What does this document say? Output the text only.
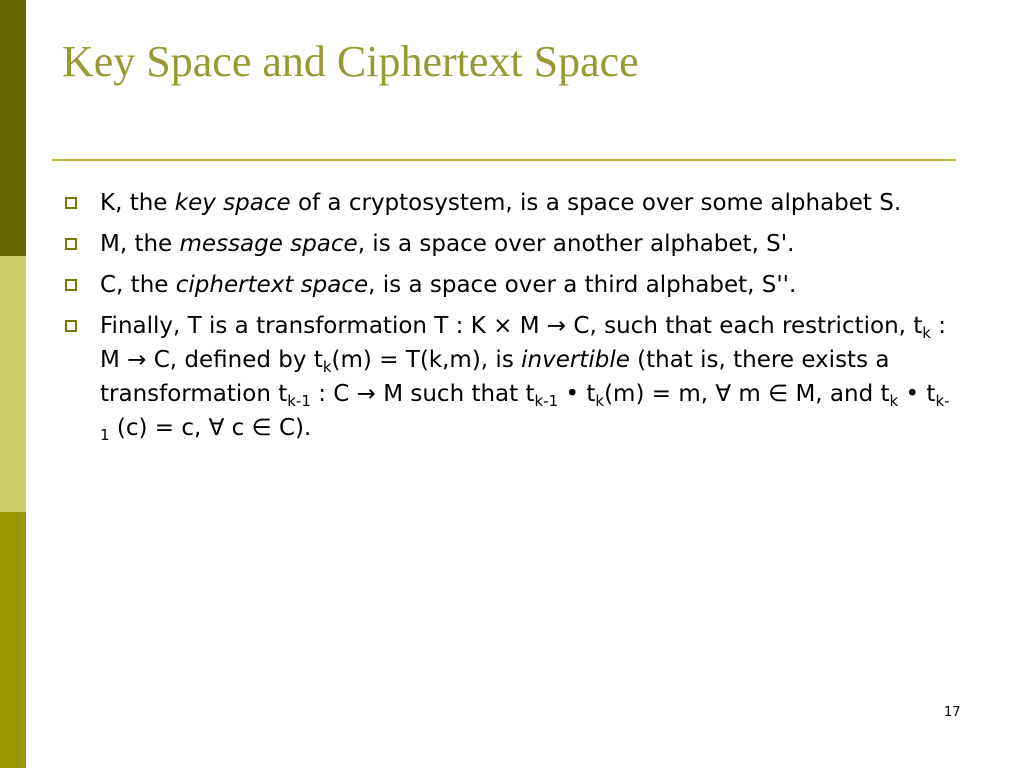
Key Space and Ciphertext Space
K, the key space of a cryptosystem, is a space over some alphabet S.
M, the message space, is a space over another alphabet, S'.
C, the ciphertext space, is a space over a third alphabet, S''.
Finally, T is a transformation T : K × M → C, such that each restriction, $t_k$ : M → C, defined by $t_k(m) = T(k,m)$, is invertible (that is, there exists a transformation $t_{k-1}$ : C → M such that $t_{k-1}$ • $t_k(m) = m$, ∀ m ∈ M, and $t_k$ • $t_{k-1}$ (c) = c, ∀ c ∈ C).
17
